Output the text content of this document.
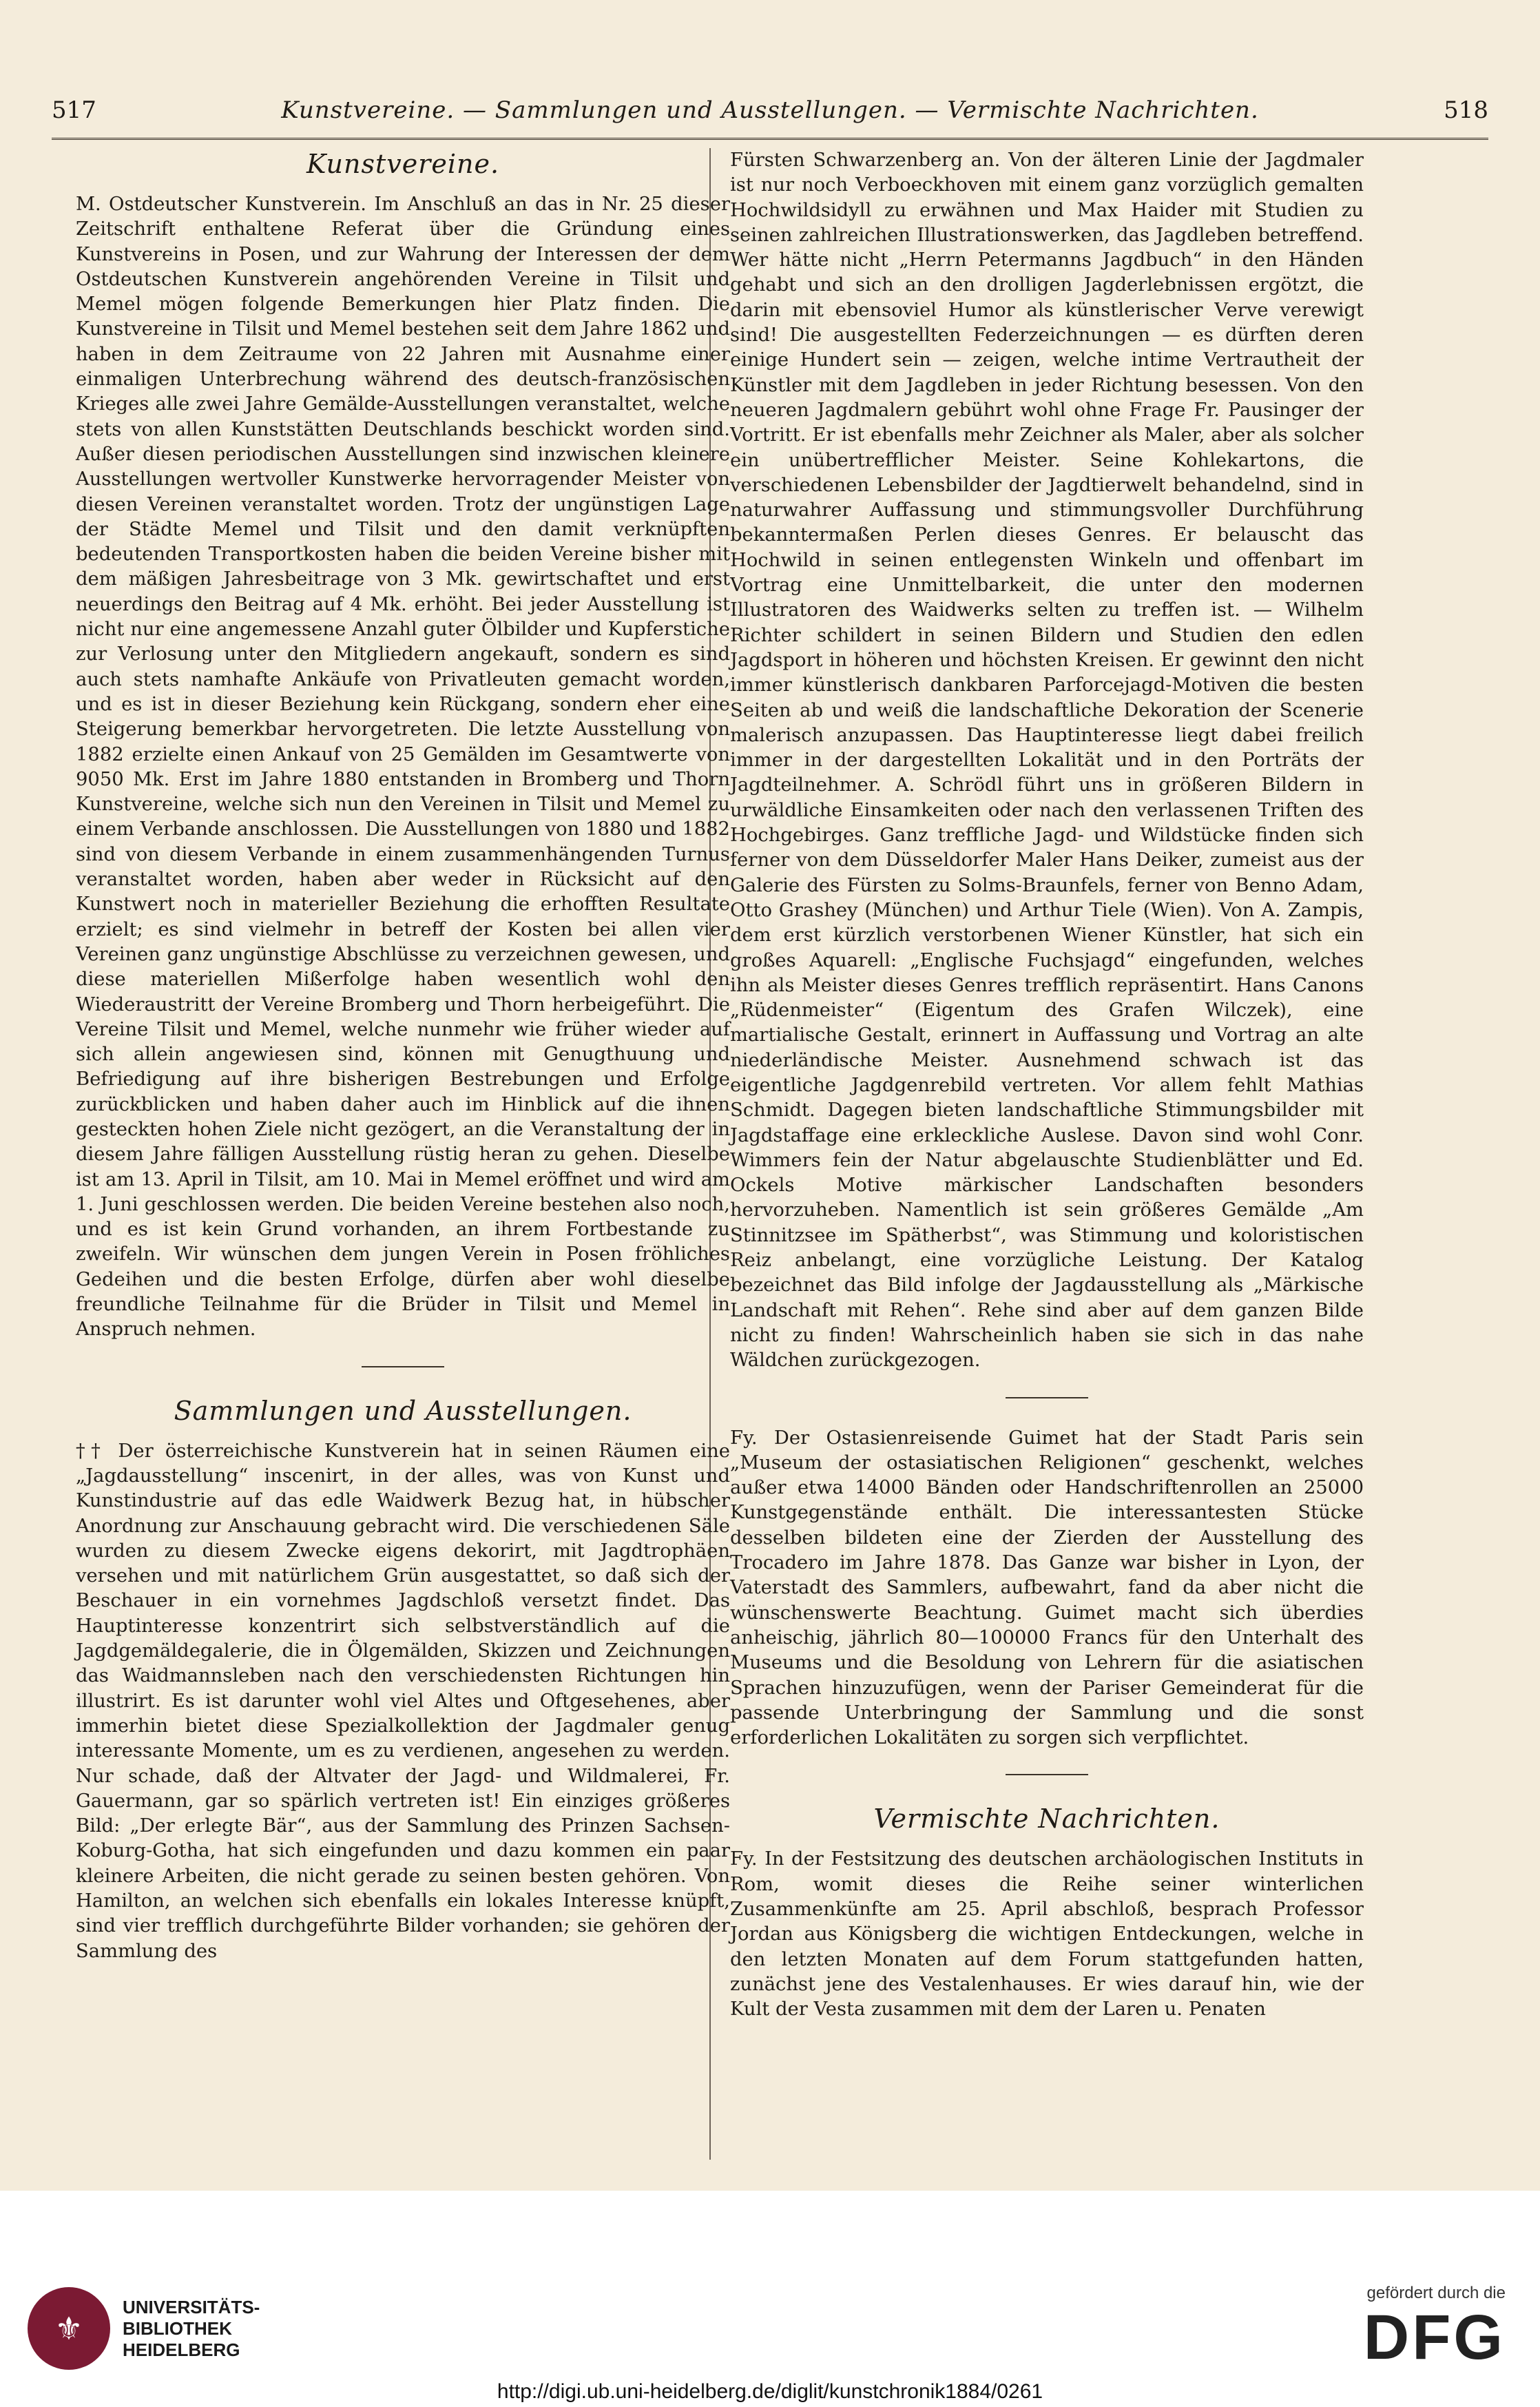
517	Kunstvereine. — Sammlungen und Ausstellungen. — Vermischte Nachrichten.	518
Kunstvereine.

M. Ostdeutscher Kunstverein. Im Anschluß an das in Nr. 25 dieser Zeitschrift enthaltene Referat über die Gründung eines Kunstvereins in Posen, und zur Wahrung der Interessen der dem Ostdeutschen Kunstverein angehörenden Vereine in Tilsit und Memel mögen folgende Bemerkungen hier Platz finden. Die Kunstvereine in Tilsit und Memel bestehen seit dem Jahre 1862 und haben in dem Zeitraume von 22 Jahren mit Ausnahme einer einmaligen Unterbrechung während des deutsch-französischen Krieges alle zwei Jahre Gemälde-Ausstellungen veranstaltet, welche stets von allen Kunststätten Deutschlands beschickt worden sind. Außer diesen periodischen Ausstellungen sind inzwischen kleinere Ausstellungen wertvoller Kunstwerke hervorragender Meister von diesen Vereinen veranstaltet worden. Trotz der ungünstigen Lage der Städte Memel und Tilsit und den damit verknüpften bedeutenden Transportkosten haben die beiden Vereine bisher mit dem mäßigen Jahresbeitrage von 3 Mk. gewirtschaftet und erst neuerdings den Beitrag auf 4 Mk. erhöht. Bei jeder Ausstellung ist nicht nur eine angemessene Anzahl guter Ölbilder und Kupferstiche zur Verlosung unter den Mitgliedern angekauft, sondern es sind auch stets namhafte Ankäufe von Privatleuten gemacht worden, und es ist in dieser Beziehung kein Rückgang, sondern eher eine Steigerung bemerkbar hervorgetreten. Die letzte Ausstellung von 1882 erzielte einen Ankauf von 25 Gemälden im Gesamtwerte von 9050 Mk. Erst im Jahre 1880 entstanden in Bromberg und Thorn Kunstvereine, welche sich nun den Vereinen in Tilsit und Memel zu einem Verbande anschlossen. Die Ausstellungen von 1880 und 1882 sind von diesem Verbande in einem zusammenhängenden Turnus veranstaltet worden, haben aber weder in Rücksicht auf den Kunstwert noch in materieller Beziehung die erhofften Resultate erzielt; es sind vielmehr in betreff der Kosten bei allen vier Vereinen ganz ungünstige Abschlüsse zu verzeichnen gewesen, und diese materiellen Mißerfolge haben wesentlich wohl den Wiederaustritt der Vereine Bromberg und Thorn herbeigeführt. Die Vereine Tilsit und Memel, welche nunmehr wie früher wieder auf sich allein angewiesen sind, können mit Genugthuung und Befriedigung auf ihre bisherigen Bestrebungen und Erfolge zurückblicken und haben daher auch im Hinblick auf die ihnen gesteckten hohen Ziele nicht gezögert, an die Veranstaltung der in diesem Jahre fälligen Ausstellung rüstig heran zu gehen. Dieselbe ist am 13. April in Tilsit, am 10. Mai in Memel eröffnet und wird am 1. Juni geschlossen werden. Die beiden Vereine bestehen also noch, und es ist kein Grund vorhanden, an ihrem Fortbestande zu zweifeln. Wir wünschen dem jungen Verein in Posen fröhliches Gedeihen und die besten Erfolge, dürfen aber wohl dieselbe freundliche Teilnahme für die Brüder in Tilsit und Memel in Anspruch nehmen.

Sammlungen und Ausstellungen.

†† Der österreichische Kunstverein hat in seinen Räumen eine „Jagdausstellung“ inscenirt, in der alles, was von Kunst und Kunstindustrie auf das edle Waidwerk Bezug hat, in hübscher Anordnung zur Anschauung gebracht wird. Die verschiedenen Säle wurden zu diesem Zwecke eigens dekorirt, mit Jagdtrophäen versehen und mit natürlichem Grün ausgestattet, so daß sich der Beschauer in ein vornehmes Jagdschloß versetzt findet. Das Hauptinteresse konzentrirt sich selbstverständlich auf die Jagdgemäldegalerie, die in Ölgemälden, Skizzen und Zeichnungen das Waidmannsleben nach den verschiedensten Richtungen hin illustrirt. Es ist darunter wohl viel Altes und Oftgesehenes, aber immerhin bietet diese Spezialkollektion der Jagdmaler genug interessante Momente, um es zu verdienen, angesehen zu werden. Nur schade, daß der Altvater der Jagd- und Wildmalerei, Fr. Gauermann, gar so spärlich vertreten ist! Ein einziges größeres Bild: „Der erlegte Bär“, aus der Sammlung des Prinzen Sachsen-Koburg-Gotha, hat sich eingefunden und dazu kommen ein paar kleinere Arbeiten, die nicht gerade zu seinen besten gehören. Von Hamilton, an welchen sich ebenfalls ein lokales Interesse knüpft, sind vier trefflich durchgeführte Bilder vorhanden; sie gehören der Sammlung des

Fürsten Schwarzenberg an. Von der älteren Linie der Jagdmaler ist nur noch Verboeckhoven mit einem ganz vorzüglich gemalten Hochwildsidyll zu erwähnen und Max Haider mit Studien zu seinen zahlreichen Illustrationswerken, das Jagdleben betreffend. Wer hätte nicht „Herrn Petermanns Jagdbuch“ in den Händen gehabt und sich an den drolligen Jagderlebnissen ergötzt, die darin mit ebensoviel Humor als künstlerischer Verve verewigt sind! Die ausgestellten Federzeichnungen — es dürften deren einige Hundert sein — zeigen, welche intime Vertrautheit der Künstler mit dem Jagdleben in jeder Richtung besessen. Von den neueren Jagdmalern gebührt wohl ohne Frage Fr. Pausinger der Vortritt. Er ist ebenfalls mehr Zeichner als Maler, aber als solcher ein unübertrefflicher Meister. Seine Kohlekartons, die verschiedenen Lebensbilder der Jagdtierwelt behandelnd, sind in naturwahrer Auffassung und stimmungsvoller Durchführung bekanntermaßen Perlen dieses Genres. Er belauscht das Hochwild in seinen entlegensten Winkeln und offenbart im Vortrag eine Unmittelbarkeit, die unter den modernen Illustratoren des Waidwerks selten zu treffen ist. — Wilhelm Richter schildert in seinen Bildern und Studien den edlen Jagdsport in höheren und höchsten Kreisen. Er gewinnt den nicht immer künstlerisch dankbaren Parforcejagd-Motiven die besten Seiten ab und weiß die landschaftliche Dekoration der Scenerie malerisch anzupassen. Das Hauptinteresse liegt dabei freilich immer in der dargestellten Lokalität und in den Porträts der Jagdteilnehmer. A. Schrödl führt uns in größeren Bildern in urwäldliche Einsamkeiten oder nach den verlassenen Triften des Hochgebirges. Ganz treffliche Jagd- und Wildstücke finden sich ferner von dem Düsseldorfer Maler Hans Deiker, zumeist aus der Galerie des Fürsten zu Solms-Braunfels, ferner von Benno Adam, Otto Grashey (München) und Arthur Tiele (Wien). Von A. Zampis, dem erst kürzlich verstorbenen Wiener Künstler, hat sich ein großes Aquarell: „Englische Fuchsjagd“ eingefunden, welches ihn als Meister dieses Genres trefflich repräsentirt. Hans Canons „Rüdenmeister“ (Eigentum des Grafen Wilczek), eine martialische Gestalt, erinnert in Auffassung und Vortrag an alte niederländische Meister. Ausnehmend schwach ist das eigentliche Jagdgenrebild vertreten. Vor allem fehlt Mathias Schmidt. Dagegen bieten landschaftliche Stimmungsbilder mit Jagdstaffage eine erkleckliche Auslese. Davon sind wohl Conr. Wimmers fein der Natur abgelauschte Studienblätter und Ed. Ockels Motive märkischer Landschaften besonders hervorzuheben. Namentlich ist sein größeres Gemälde „Am Stinnitzsee im Spätherbst“, was Stimmung und koloristischen Reiz anbelangt, eine vorzügliche Leistung. Der Katalog bezeichnet das Bild infolge der Jagdausstellung als „Märkische Landschaft mit Rehen“. Rehe sind aber auf dem ganzen Bilde nicht zu finden! Wahrscheinlich haben sie sich in das nahe Wäldchen zurückgezogen.

Fy. Der Ostasienreisende Guimet hat der Stadt Paris sein „Museum der ostasiatischen Religionen“ geschenkt, welches außer etwa 14000 Bänden oder Handschriftenrollen an 25000 Kunstgegenstände enthält. Die interessantesten Stücke desselben bildeten eine der Zierden der Ausstellung des Trocadero im Jahre 1878. Das Ganze war bisher in Lyon, der Vaterstadt des Sammlers, aufbewahrt, fand da aber nicht die wünschenswerte Beachtung. Guimet macht sich überdies anheischig, jährlich 80—100000 Francs für den Unterhalt des Museums und die Besoldung von Lehrern für die asiatischen Sprachen hinzuzufügen, wenn der Pariser Gemeinderat für die passende Unterbringung der Sammlung und die sonst erforderlichen Lokalitäten zu sorgen sich verpflichtet.

Vermischte Nachrichten.

Fy. In der Festsitzung des deutschen archäologischen Instituts in Rom, womit dieses die Reihe seiner winterlichen Zusammenkünfte am 25. April abschloß, besprach Professor Jordan aus Königsberg die wichtigen Entdeckungen, welche in den letzten Monaten auf dem Forum stattgefunden hatten, zunächst jene des Vestalenhauses. Er wies darauf hin, wie der Kult der Vesta zusammen mit dem der Laren u. Penaten

⚜
UNIVERSITÄTS-
BIBLIOTHEK
HEIDELBERG
http://digi.ub.uni-heidelberg.de/diglit/kunstchronik1884/0261
gefördert durch die
DFG
